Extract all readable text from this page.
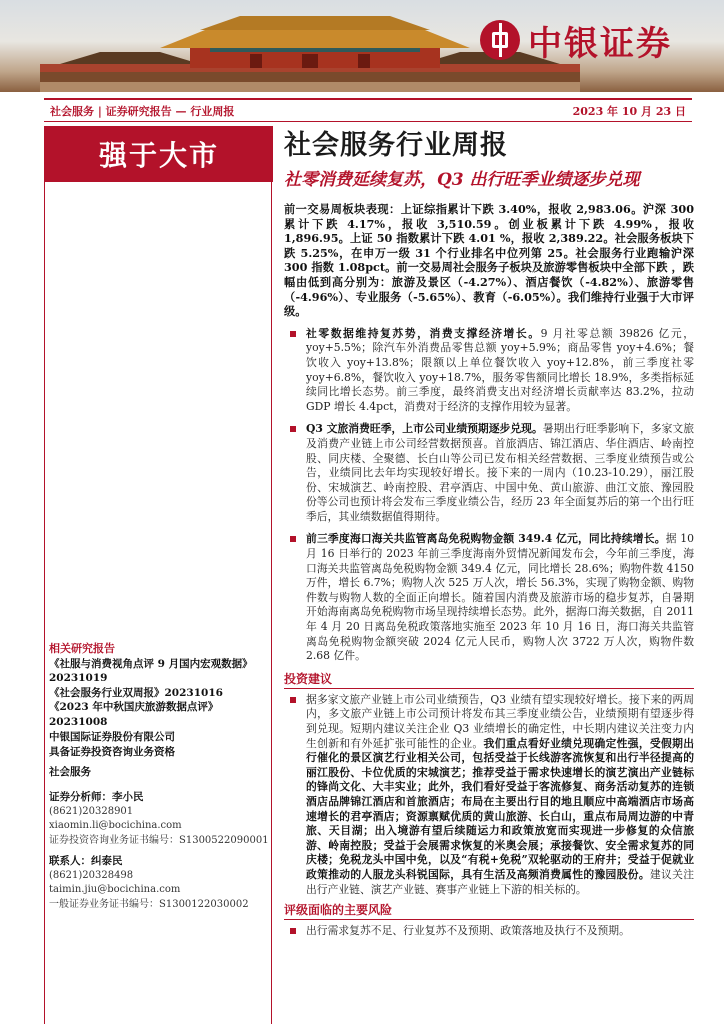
中银证券
社会服务 | 证券研究报告 — 行业周报	2023 年 10 月 23 日
强于大市
相关研究报告
《社服与消费视角点评 9 月国内宏观数据》 20231019
《社会服务行业双周报》20231016
《2023 年中秋国庆旅游数据点评》20231008
中银国际证券股份有限公司
具备证券投资咨询业务资格
社会服务
证券分析师：李小民
(8621)20328901
xiaomin.li@bocichina.com
证券投资咨询业务证书编号：S1300522090001
联系人：纠泰民
(8621)20328498
taimin.jiu@bocichina.com
一般证券业务证书编号：S1300122030002
社会服务行业周报
社零消费延续复苏，Q3 出行旺季业绩逐步兑现
前一交易周板块表现：上证综指累计下跌 3.40%，报收 2,983.06。沪深 300 累计下跌 4.17%，报收 3,510.59。创业板累计下跌 4.99%，报收 1,896.95。上证 50 指数累计下跌 4.01 %，报收 2,389.22。社会服务板块下跌 5.25%，在申万一级 31 个行业排名中位列第 25。社会服务行业跑输沪深 300 指数 1.08pct。前一交易周社会服务子板块及旅游零售板块中全部下跌 ，跌幅由低到高分别为：旅游及景区（-4.27%）、酒店餐饮（-4.82%）、旅游零售（-4.96%）、专业服务（-5.65%）、教育（-6.05%）。我们维持行业强于大市评级。
社零数据维持复苏势，消费支撑经济增长。9 月社零总额 39826 亿元，yoy+5.5%；除汽车外消费品零售总额 yoy+5.9%；商品零售 yoy+4.6%；餐饮收入 yoy+13.8%；限额以上单位餐饮收入 yoy+12.8%，前三季度社零 yoy+6.8%，餐饮收入 yoy+18.7%，服务零售额同比增长 18.9%，多类指标延续同比增长态势。前三季度，最终消费支出对经济增长贡献率达 83.2%，拉动 GDP 增长 4.4pct，消费对于经济的支撑作用较为显著。
Q3 文旅消费旺季，上市公司业绩预期逐步兑现。暑期出行旺季影响下，多家文旅及消费产业链上市公司经营数据预喜。首旅酒店、锦江酒店、华住酒店、岭南控股、同庆楼、全聚德、长白山等公司已发布相关经营数据、三季度业绩预告或公告，业绩同比去年均实现较好增长。接下来的一周内（10.23-10.29），丽江股份、宋城演艺、岭南控股、君亭酒店、中国中免、黄山旅游、曲江文旅、豫园股份等公司也预计将会发布三季度业绩公告，经历 23 年全面复苏后的第一个出行旺季后，其业绩数据值得期待。
前三季度海口海关共监管离岛免税购物金额 349.4 亿元，同比持续增长。据 10 月 16 日举行的 2023 年前三季度海南外贸情况新闻发布会，今年前三季度，海口海关共监管离岛免税购物金额 349.4 亿元，同比增长 28.6%；购物件数 4150 万件，增长 6.7%；购物人次 525 万人次，增长 56.3%，实现了购物金额、购物件数与购物人数的全面正向增长。随着国内消费及旅游市场的稳步复苏，自暑期开始海南离岛免税购物市场呈现持续增长态势。此外，据海口海关数据，自 2011 年 4 月 20 日离岛免税政策落地实施至 2023 年 10 月 16 日，海口海关共监管离岛免税购物金额突破 2024 亿元人民币，购物人次 3722 万人次，购物件数 2.68 亿件。
投资建议
据多家文旅产业链上市公司业绩预告，Q3 业绩有望实现较好增长。接下来的两周内，多文旅产业链上市公司预计将发布其三季度业绩公告，业绩预期有望逐步得到兑现。短期内建议关注企业 Q3 业绩增长的确定性，中长期内建议关注变力内生创新和有外延扩张可能性的企业。我们重点看好业绩兑现确定性强，受假期出行催化的景区演艺行业相关公司，包括受益于长线游客流恢复和出行半径提高的丽江股份、卡位优质的宋城演艺；推荐受益于需求快速增长的演艺演出产业链标的锋尚文化、大丰实业；此外，我们看好受益于客流修复、商务活动复苏的连锁酒店品牌锦江酒店和首旅酒店；布局在主要出行目的地且顺应中高端酒店市场高速增长的君亭酒店；资源禀赋优质的黄山旅游、长白山，重点布局周边游的中青旅、天目湖；出入境游有望后续随运力和政策放宽而实现进一步修复的众信旅游、岭南控股；受益于会展需求恢复的米奥会展；承接餐饮、安全需求复苏的同庆楼；免税龙头中国中免，以及“有税+免税”双轮驱动的王府井；受益于促就业政策推动的人服龙头科锐国际，具有生活及高频消费属性的豫园股份。建议关注出行产业链、演艺产业链、赛事产业链上下游的相关标的。
评级面临的主要风险
出行需求复苏不足、行业复苏不及预期、政策落地及执行不及预期。
